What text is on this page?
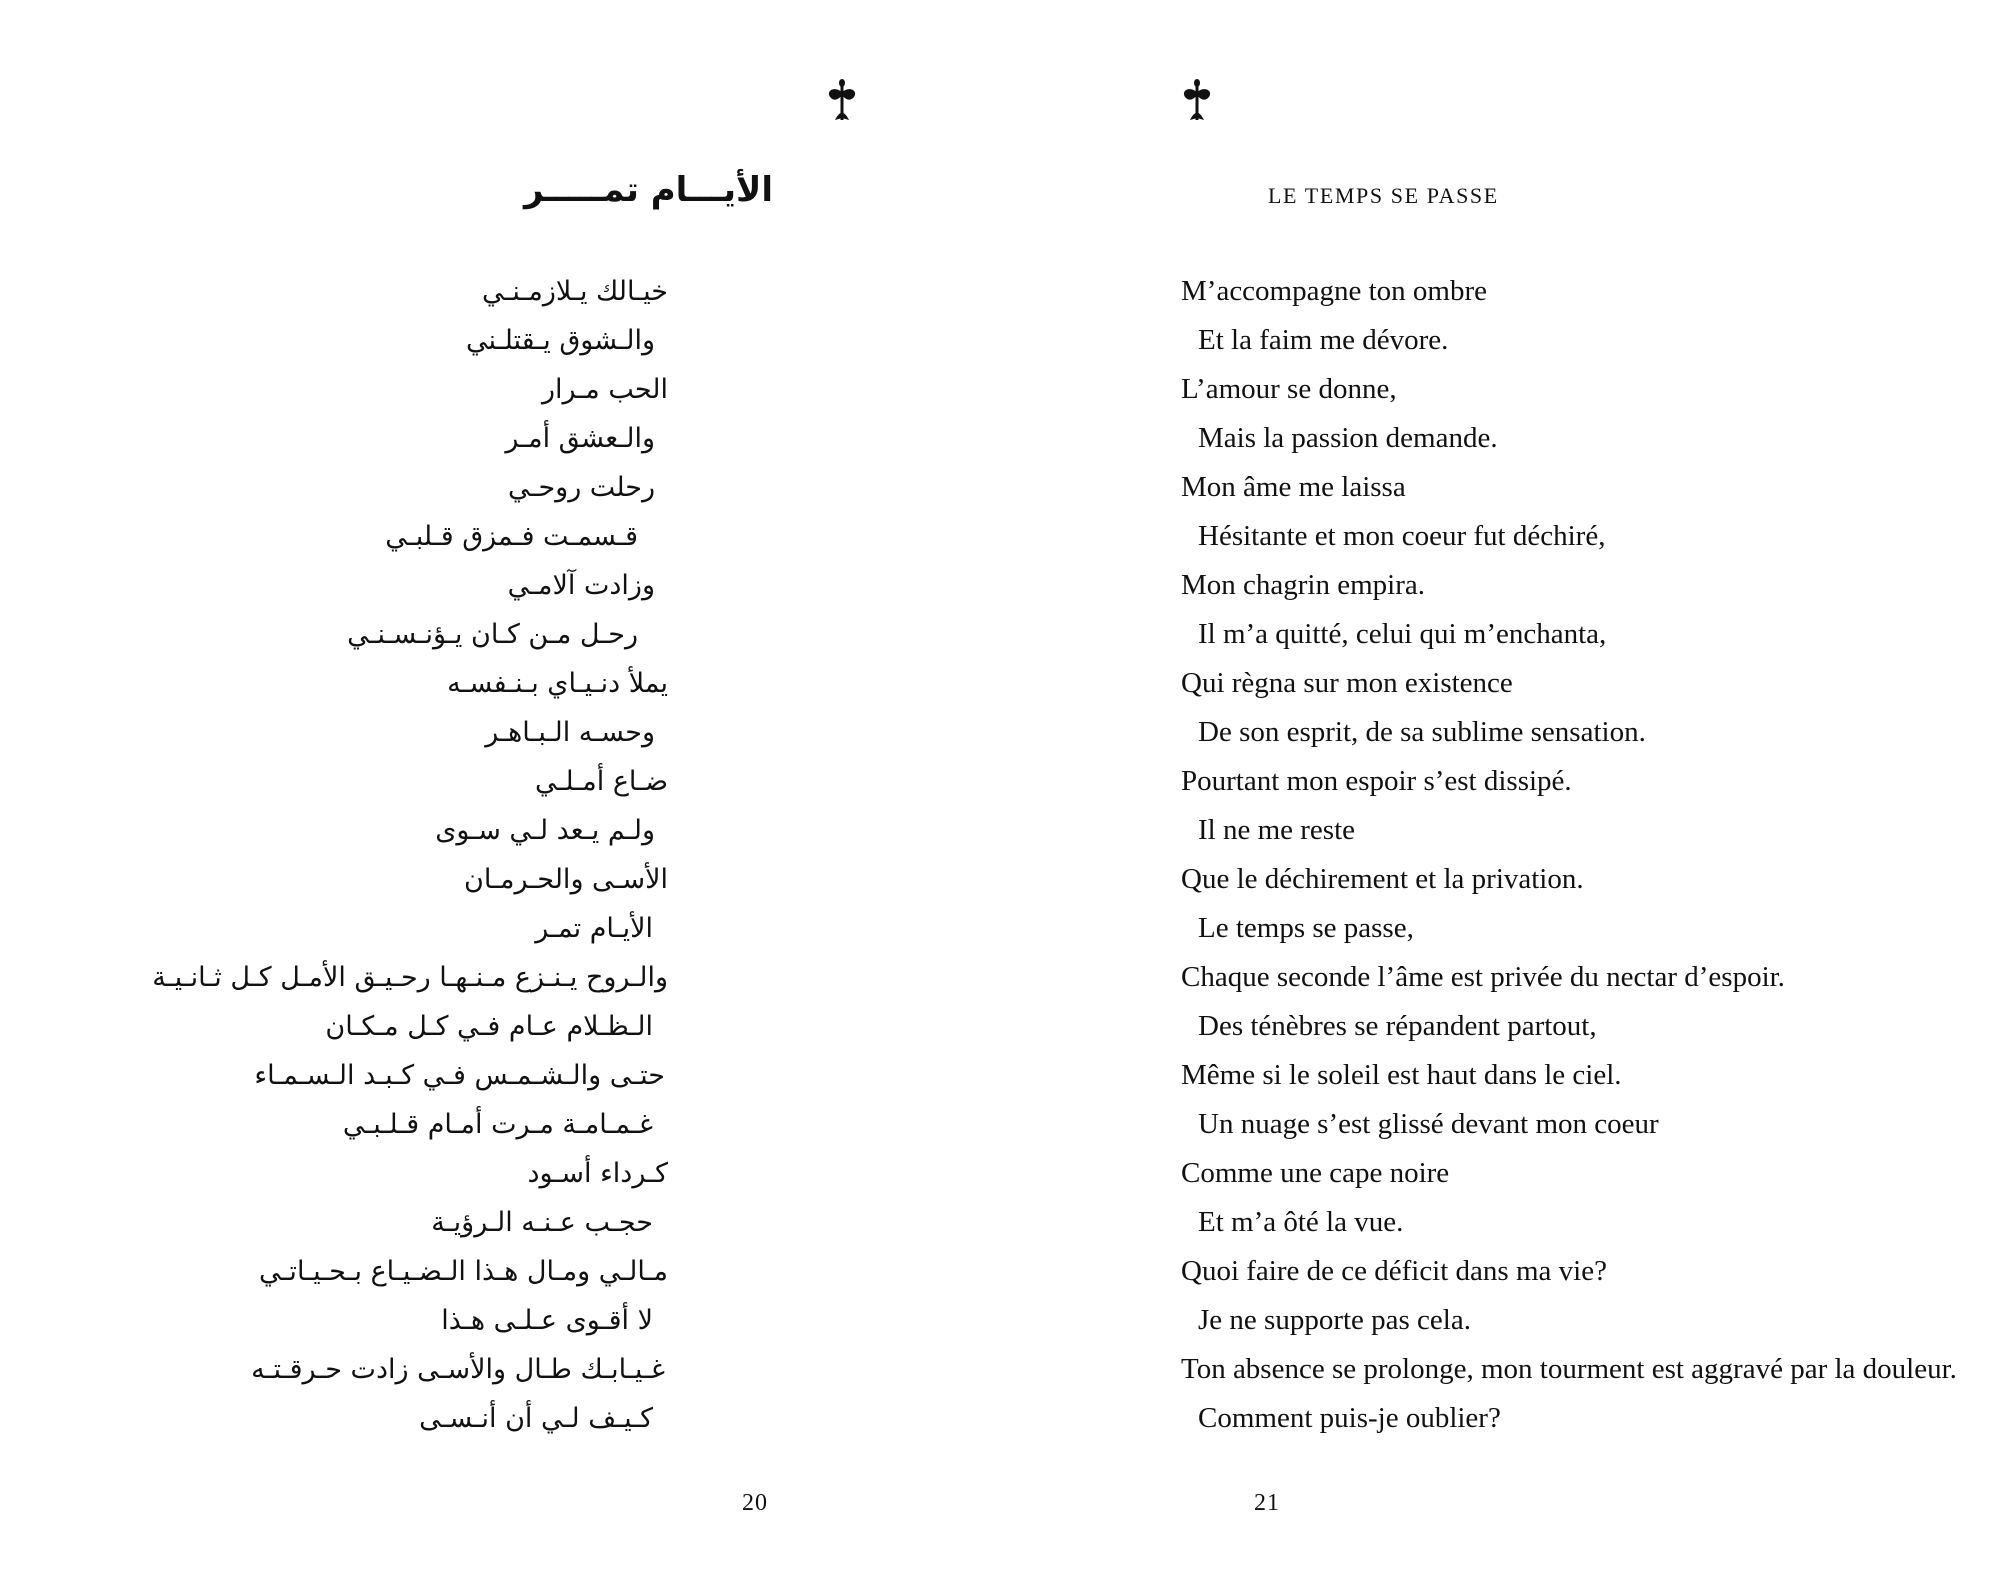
الأيـــام تمـــــر
خيـالك يـلازمـنـي
والـشوق يـقتلـني
الحب مـرار
والـعشق أمـر
رحلت روحـي
قـسمـت فـمزق قـلبـي
وزادت آلامـي
رحـل مـن كـان يـؤنـسـنـي
يملأ دنـيـاي بـنـفسـه
وحسـه الـبـاهـر
ضـاع أمـلـي
ولـم يـعد لـي سـوى
الأسـى والحـرمـان
الأيـام تمـر
والـروح يـنـزع مـنـهـا رحـيـق الأمـل كـل ثـانـيـة
الـظـلام عـام فـي كـل مـكـان
حتـى والـشـمـس فـي كـبـد الـسـمـاء
غـمـامـة مـرت أمـام قـلـبـي
كـرداء أسـود
حجـب عـنـه الـرؤيـة
مـالـي ومـال هـذا الـضـيـاع بـحـيـاتـي
لا أقـوى عـلـى هـذا
غـيـابـك طـال والأسـى زادت حـرقـتـه
كـيـف لـي أن أنـسـى
20
LE TEMPS SE PASSE
M’accompagne ton ombre
Et la faim me dévore.
L’amour se donne,
Mais la passion demande.
Mon âme me laissa
Hésitante et mon coeur fut déchiré,
Mon chagrin empira.
Il m’a quitté, celui qui m’enchanta,
Qui règna sur mon existence
De son esprit, de sa sublime sensation.
Pourtant mon espoir s’est dissipé.
Il ne me reste
Que le déchirement et la privation.
Le temps se passe,
Chaque seconde l’âme est privée du nectar d’espoir.
Des ténèbres se répandent partout,
Même si le soleil est haut dans le ciel.
Un nuage s’est glissé devant mon coeur
Comme une cape noire
Et m’a ôté la vue.
Quoi faire de ce déficit dans ma vie?
Je ne supporte pas cela.
Ton absence se prolonge, mon tourment est aggravé par la douleur.
Comment puis-je oublier?
21
